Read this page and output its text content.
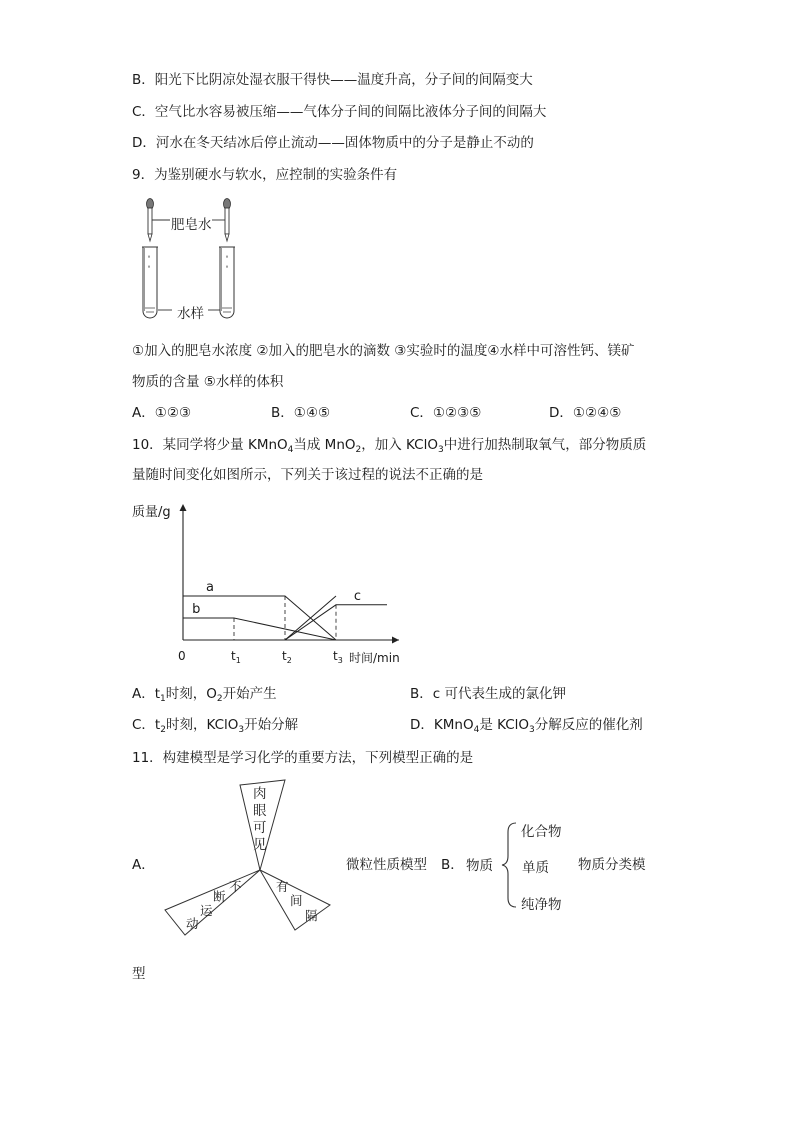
B．阳光下比阴凉处湿衣服干得快——温度升高，分子间的间隔变大
C．空气比水容易被压缩——气体分子间的间隔比液体分子间的间隔大
D．河水在冬天结冰后停止流动——固体物质中的分子是静止不动的
9．为鉴别硬水与软水，应控制的实验条件有
肥皂水
水样
①加入的肥皂水浓度 ②加入的肥皂水的滴数 ③实验时的温度④水样中可溶性钙、镁矿
物质的含量 ⑤水样的体积
A．①②③	B．①④⑤	C．①②③⑤	D．①②④⑤
10．某同学将少量 KMnO$_4$当成 MnO$_2$，加入 KClO$_3$中进行加热制取氧气，部分物质质
量随时间变化如图所示，下列关于该过程的说法不正确的是
质量/g
时间/min
0	$t_1$	$t_2$	$t_3$
a
b
c
A．$t_1$时刻，$O_2$开始产生	B．c 可代表生成的氯化钾
C．$t_2$时刻，KClO$_3$开始分解	D．KMnO$_4$是 KClO$_3$分解反应的催化剂
11．构建模型是学习化学的重要方法，下列模型正确的是
A．
肉
眼
可
见
不
断
运
动
有
间
隔
微粒性质模型 B． 物质
化合物
单质
纯净物
物质分类模
型
